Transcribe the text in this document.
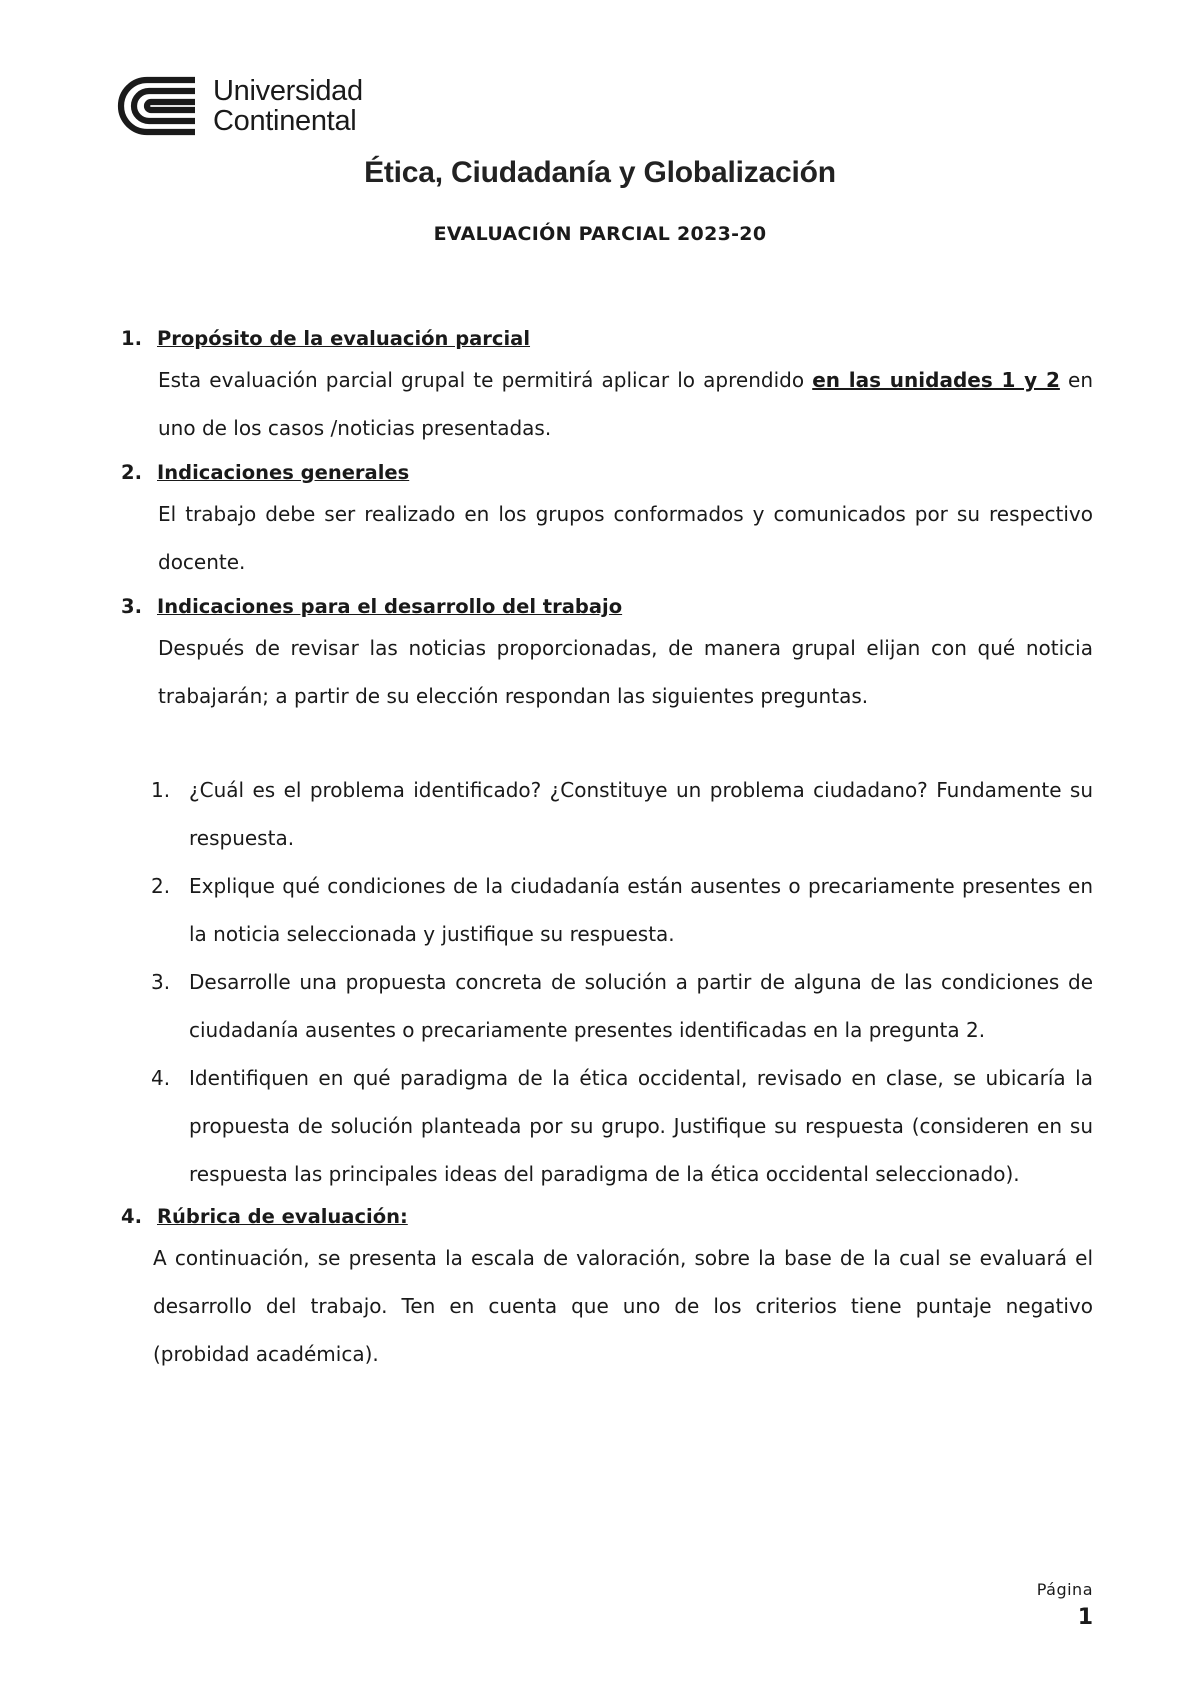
Universidad
Continental
Ética, Ciudadanía y Globalización
EVALUACIÓN PARCIAL 2023-20
1. Propósito de la evaluación parcial
Esta evaluación parcial grupal te permitirá aplicar lo aprendido en las unidades 1 y 2 en uno de los casos /noticias presentadas.
2. Indicaciones generales
El trabajo debe ser realizado en los grupos conformados y comunicados por su respectivo docente.
3. Indicaciones para el desarrollo del trabajo
Después de revisar las noticias proporcionadas, de manera grupal elijan con qué noticia trabajarán; a partir de su elección respondan las siguientes preguntas.
1. ¿Cuál es el problema identificado? ¿Constituye un problema ciudadano? Fundamente su respuesta.
2. Explique qué condiciones de la ciudadanía están ausentes o precariamente presentes en la noticia seleccionada y justifique su respuesta.
3. Desarrolle una propuesta concreta de solución a partir de alguna de las condiciones de ciudadanía ausentes o precariamente presentes identificadas en la pregunta 2.
4. Identifiquen en qué paradigma de la ética occidental, revisado en clase, se ubicaría la propuesta de solución planteada por su grupo. Justifique su respuesta (consideren en su respuesta las principales ideas del paradigma de la ética occidental seleccionado).
4. Rúbrica de evaluación:
A continuación, se presenta la escala de valoración, sobre la base de la cual se evaluará el desarrollo del trabajo. Ten en cuenta que uno de los criterios tiene puntaje negativo (probidad académica).
Página
1
